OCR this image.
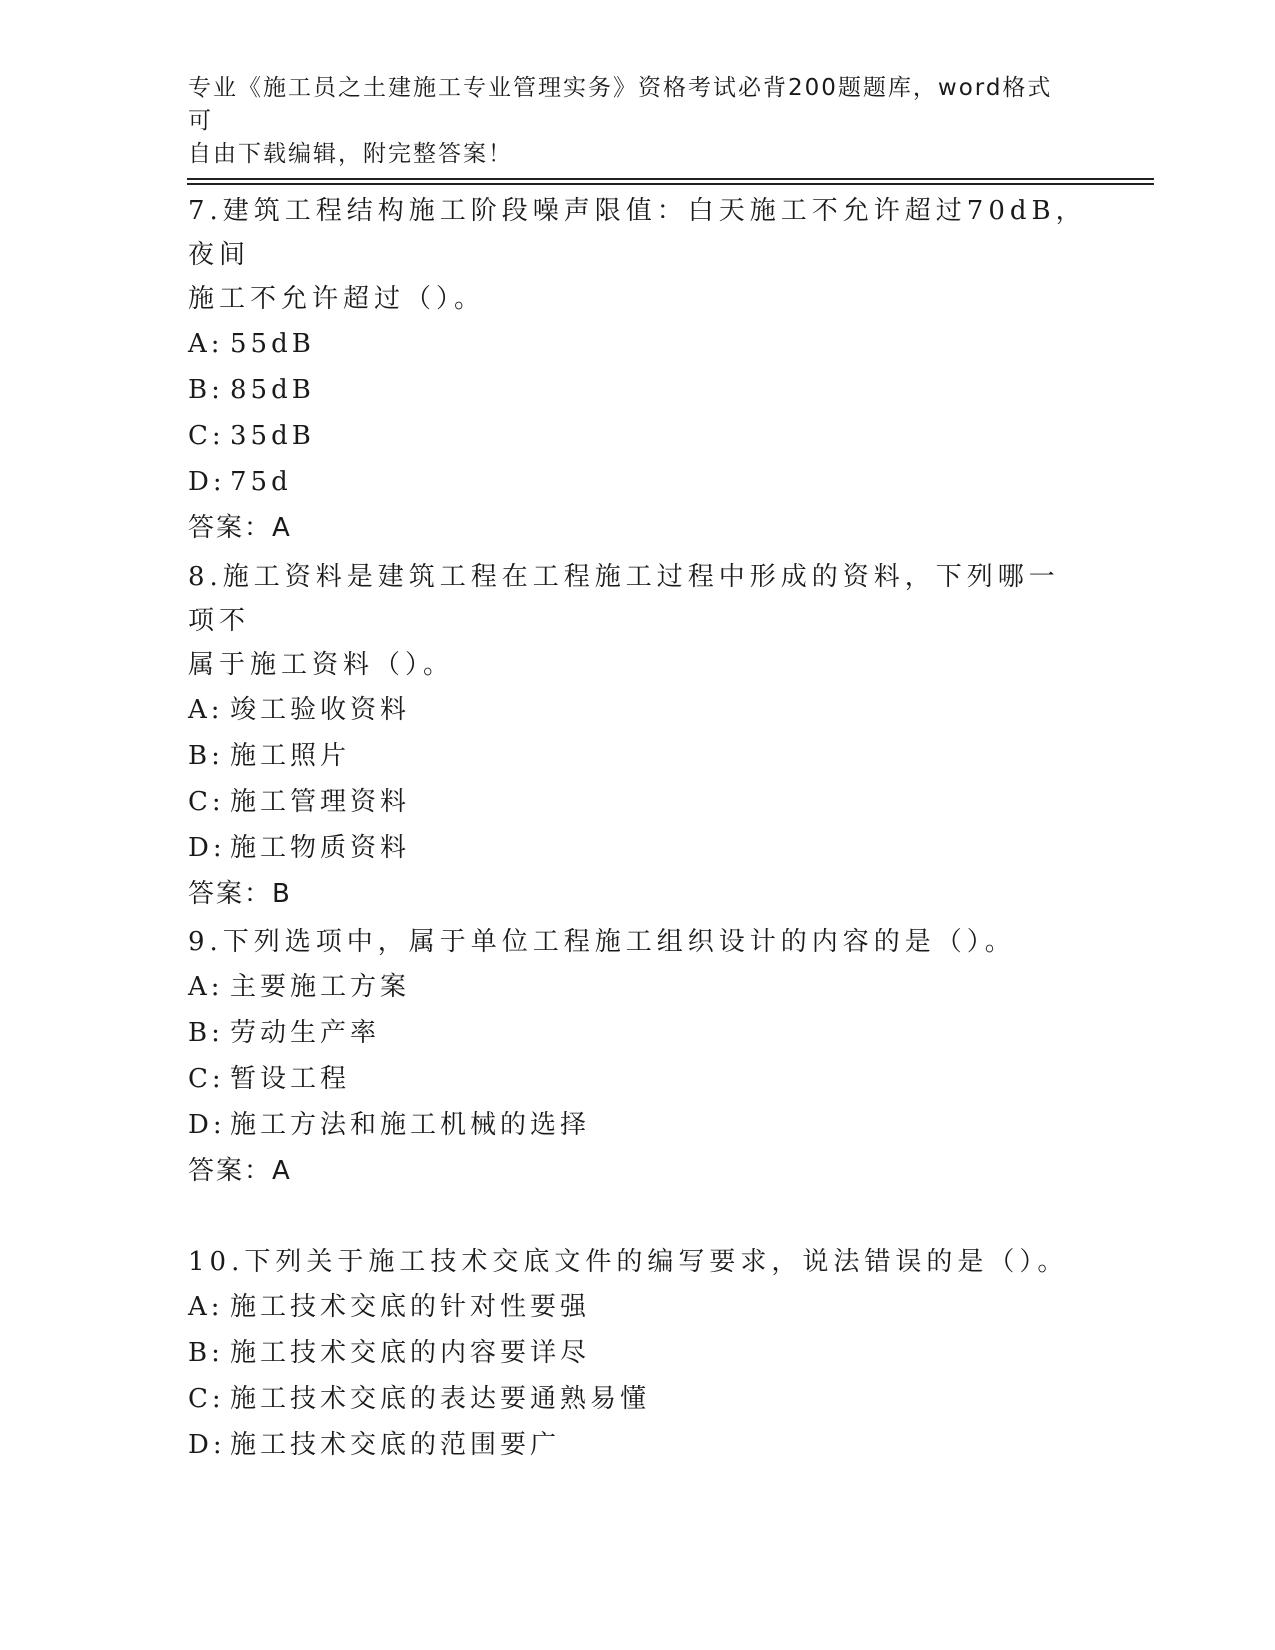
专业《施工员之土建施工专业管理实务》资格考试必背200题题库，word格式可
自由下载编辑，附完整答案！

7.建筑工程结构施工阶段噪声限值：白天施工不允许超过70dB，夜间

施工不允许超过（）。

A: 55dB

B: 85dB

C: 35dB

D: 75d

答案：A

8.施工资料是建筑工程在工程施工过程中形成的资料，下列哪一项不

属于施工资料（）。

A: 竣工验收资料

B: 施工照片

C: 施工管理资料

D: 施工物质资料

答案：B

9.下列选项中，属于单位工程施工组织设计的内容的是（）。

A: 主要施工方案

B: 劳动生产率

C: 暂设工程

D: 施工方法和施工机械的选择

答案：A

10.下列关于施工技术交底文件的编写要求，说法错误的是（）。

A: 施工技术交底的针对性要强

B: 施工技术交底的内容要详尽

C: 施工技术交底的表达要通熟易懂

D: 施工技术交底的范围要广
